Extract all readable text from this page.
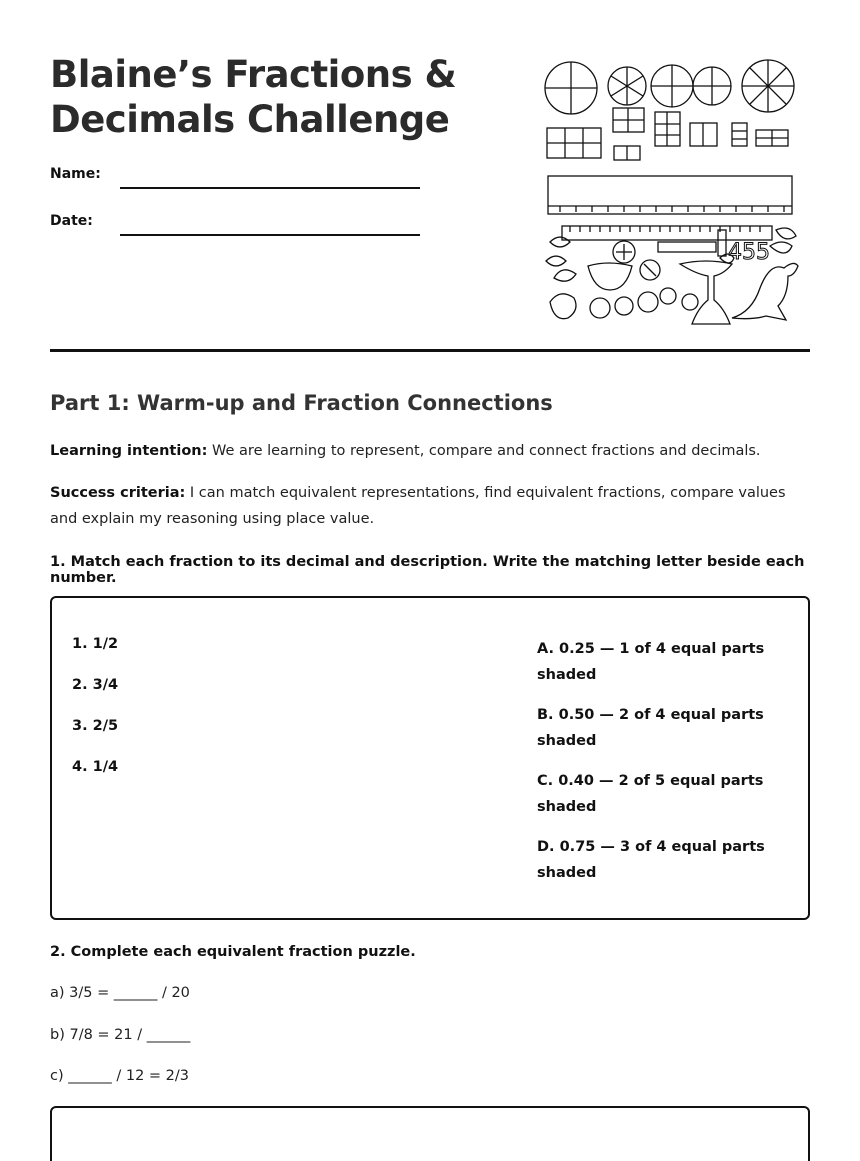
Blaine’s Fractions & Decimals Challenge
Name:
Date:
455
Part 1: Warm-up and Fraction Connections
Learning intention: We are learning to represent, compare and connect fractions and decimals.
Success criteria: I can match equivalent representations, find equivalent fractions, compare values and explain my reasoning using place value.
1. Match each fraction to its decimal and description. Write the matching letter beside each number.
1. 1/2
2. 3/4
3. 2/5
4. 1/4
A. 0.25 — 1 of 4 equal parts shaded
B. 0.50 — 2 of 4 equal parts shaded
C. 0.40 — 2 of 5 equal parts shaded
D. 0.75 — 3 of 4 equal parts shaded
2. Complete each equivalent fraction puzzle.
a) 3/5 = ______ / 20
b) 7/8 = 21 / ______
c) ______ / 12 = 2/3
